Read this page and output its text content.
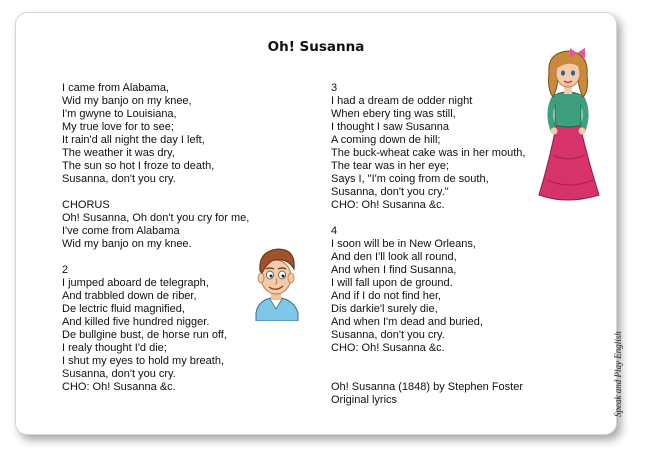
Oh! Susanna
I came from Alabama,
Wid my banjo on my knee,
I'm gwyne to Louisiana,
My true love for to see;
It rain'd all night the day I left,
The weather it was dry,
The sun so hot I froze to death,
Susanna, don't you cry.
CHORUS
Oh! Susanna, Oh don't you cry for me,
I've come from Alabama
Wid my banjo on my knee.
2
I jumped aboard de telegraph,
And trabbled down de riber,
De lectric fluid magnified,
And killed five hundred nigger.
De bullgine bust, de horse run off,
I realy thought I'd die;
I shut my eyes to hold my breath,
Susanna, don't you cry.
CHO: Oh! Susanna &c.
3
I had a dream de odder night
When ebery ting was still,
I thought I saw Susanna
A coming down de hill;
The buck-wheat cake was in her mouth,
The tear was in her eye;
Says I, "I'm coing from de south,
Susanna, don't you cry."
CHO: Oh! Susanna &c.
4
I soon will be in New Orleans,
And den I'll look all round,
And when I find Susanna,
I will fall upon de ground.
And if I do not find her,
Dis darkie'l surely die,
And when I'm dead and buried,
Susanna, don't you cry.
CHO: Oh! Susanna &c.
Oh! Susanna (1848) by Stephen Foster
Original lyrics	Speak and Play English
